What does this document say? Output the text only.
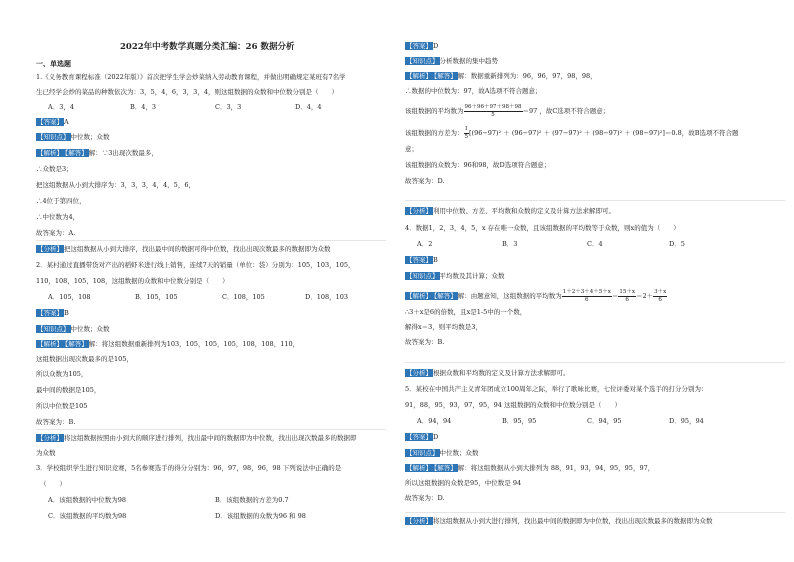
2022年中考数学真题分类汇编：26 数据分析
一、单选题
1.《义务教育课程标准（2022年版）》首次把学生学会炒菜纳入劳动教育课程，并做出明确规定某班有7名学
生已经学会炒的菜品的种数依次为：3，5，4，6，3，3，4，则这组数据的众数和中位数分别是（　　）
A．3，4	B．4，3	C．3，3	D．4，4
【答案】A
【知识点】中位数；众数
【解析】 【解答】解：∵3出现次数最多，
∴众数是3；
把这组数据从小到大排序为：3，3，3，4，4，5，6，
∴4位于第四位，
∴中位数为4，
故答案为：A.
【分析】把这组数据从小到大排序，找出最中间的数据可得中位数，找出出现次数最多的数据即为众数
2．某村通过直播带货对产出的稻虾米进行线上销售，连续7天的销量（单位：袋）分别为：105，103，105，
110，108，105，108，这组数据的众数和中位数分别是（　　）
A．105，108	B．105，105	C．108，105	D．108，103
【答案】B
【知识点】中位数；众数
【解析】 【解答】解：将这组数据重新排列为103，105，105，105，108，108，110，
这组数据出现次数最多的是105，
所以众数为105，
最中间的数据是105，
所以中位数是105
故答案为：B.
【分析】将这组数据按照由小到大的顺序进行排列，找出最中间的数据即为中位数，找出出现次数最多的数据即
为众数
3．学校组织学生进行知识竞赛，5名参赛选手的得分分别为：96，97，98，96，98 下列说法中正确的是
（　　）
A．该组数据的中位数为98	B．该组数据的方差为0.7
C．该组数据的平均数为98	D．该组数据的众数为96 和 98
【答案】D
【知识点】分析数据的集中趋势
【解析】 【解答】解：数据重新排列为：96，96，97，98，98，
∴数据的中位数为：97，故A选项不符合题意；
该组数据的平均数为 $\frac{96+96+97+98+98}{5} =97$ ，故C选项不符合题意；
该组数据的方差为： $\frac{1}{5} [(96-97)^2 + (96-97)^2 + (97-97)^2 + (98-97)^2 + (98-97)^2]=0.8$，故B选项不符合题
意；
该组数据的众数为：96和98，故D选项符合题意；
故答案为：D.
【分析】利用中位数、方差、平均数和众数的定义及计算方法求解即可。
4．数据1，2，3，4，5，x 存在唯一众数，且该组数据的平均数等于众数，则x的值为（　　）
A．2	B．3	C．4	D．5
【答案】B
【知识点】平均数及其计算；众数
【解析】 【解答】解：由题意知，这组数据的平均数为 $\frac{1+2+3+4+5+x}{6} = \frac{15+x}{6} =2+ \frac{3+x}{6}$
∴3＋x是6的倍数，且x是1-5中的一个数，
解得x＝3，则平均数是3，
故答案为：B.
【分析】根据众数和平均数的定义及计算方法求解即可。
5．某校在中国共产主义青年团成立100周年之际，举行了歌咏比赛，七位评委对某个选手的打分分别为：
91，88，95，93，97，95，94 这组数据的众数和中位数分别是（　　）
A．94，94	B．95，95	C．94，95	D．95，94
【答案】D
【知识点】中位数；众数
【解析】 【解答】解：将这组数据从小到大排列为 88，91，93，94，95，95，97，
所以这组数据的众数是95，中位数是 94
故答案为：D.
【分析】将这组数据从小到大进行排列，找出最中间的数据即为中位数，找出出现次数最多的数据即为众数
